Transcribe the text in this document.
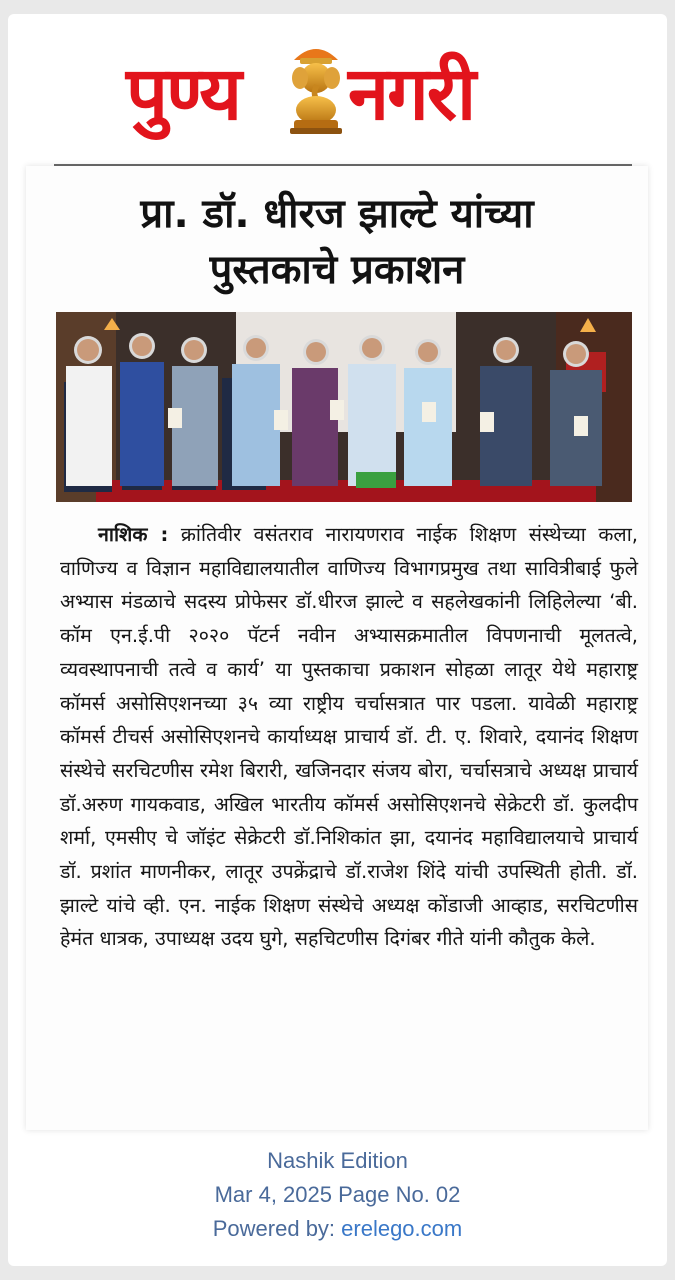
पुण्य नगरी
प्रा. डॉ. धीरज झाल्टे यांच्या
पुस्तकाचे प्रकाशन
नाशिक : क्रांतिवीर वसंतराव नारायणराव नाईक शिक्षण संस्थेच्या कला, वाणिज्य व विज्ञान महाविद्यालयातील वाणिज्य विभागप्रमुख तथा सावित्रीबाई फुले अभ्यास मंडळाचे सदस्य प्रोफेसर डॉ.धीरज झाल्टे व सहलेखकांनी लिहिलेल्या ‘बी. कॉम एन.ई.पी २०२० पॅटर्न नवीन अभ्यासक्रमातील विपणनाची मूलतत्वे, व्यवस्थापनाची तत्वे व कार्य’ या पुस्तकाचा प्रकाशन सोहळा लातूर येथे महाराष्ट्र कॉमर्स असोसिएशनच्या ३५ व्या राष्ट्रीय चर्चासत्रात पार पडला. यावेळी महाराष्ट्र कॉमर्स टीचर्स असोसिएशनचे कार्याध्यक्ष प्राचार्य डॉ. टी. ए. शिवारे, दयानंद शिक्षण संस्थेचे सरचिटणीस रमेश बिरारी, खजिनदार संजय बोरा, चर्चासत्राचे अध्यक्ष प्राचार्य डॉ.अरुण गायकवाड, अखिल भारतीय कॉमर्स असोसिएशनचे सेक्रेटरी डॉ. कुलदीप शर्मा, एमसीए चे जॉइंट सेक्रेटरी डॉ.निशिकांत झा, दयानंद महाविद्यालयाचे प्राचार्य डॉ. प्रशांत माणनीकर, लातूर उपक्रेंद्राचे डॉ.राजेश शिंदे यांची उपस्थिती होती. डॉ. झाल्टे यांचे व्ही. एन. नाईक शिक्षण संस्थेचे अध्यक्ष कोंडाजी आव्हाड, सरचिटणीस हेमंत धात्रक, उपाध्यक्ष उदय घुगे, सहचिटणीस दिगंबर गीते यांनी कौतुक केले.
Nashik Edition
Mar 4, 2025 Page No. 02
Powered by: erelego.com
